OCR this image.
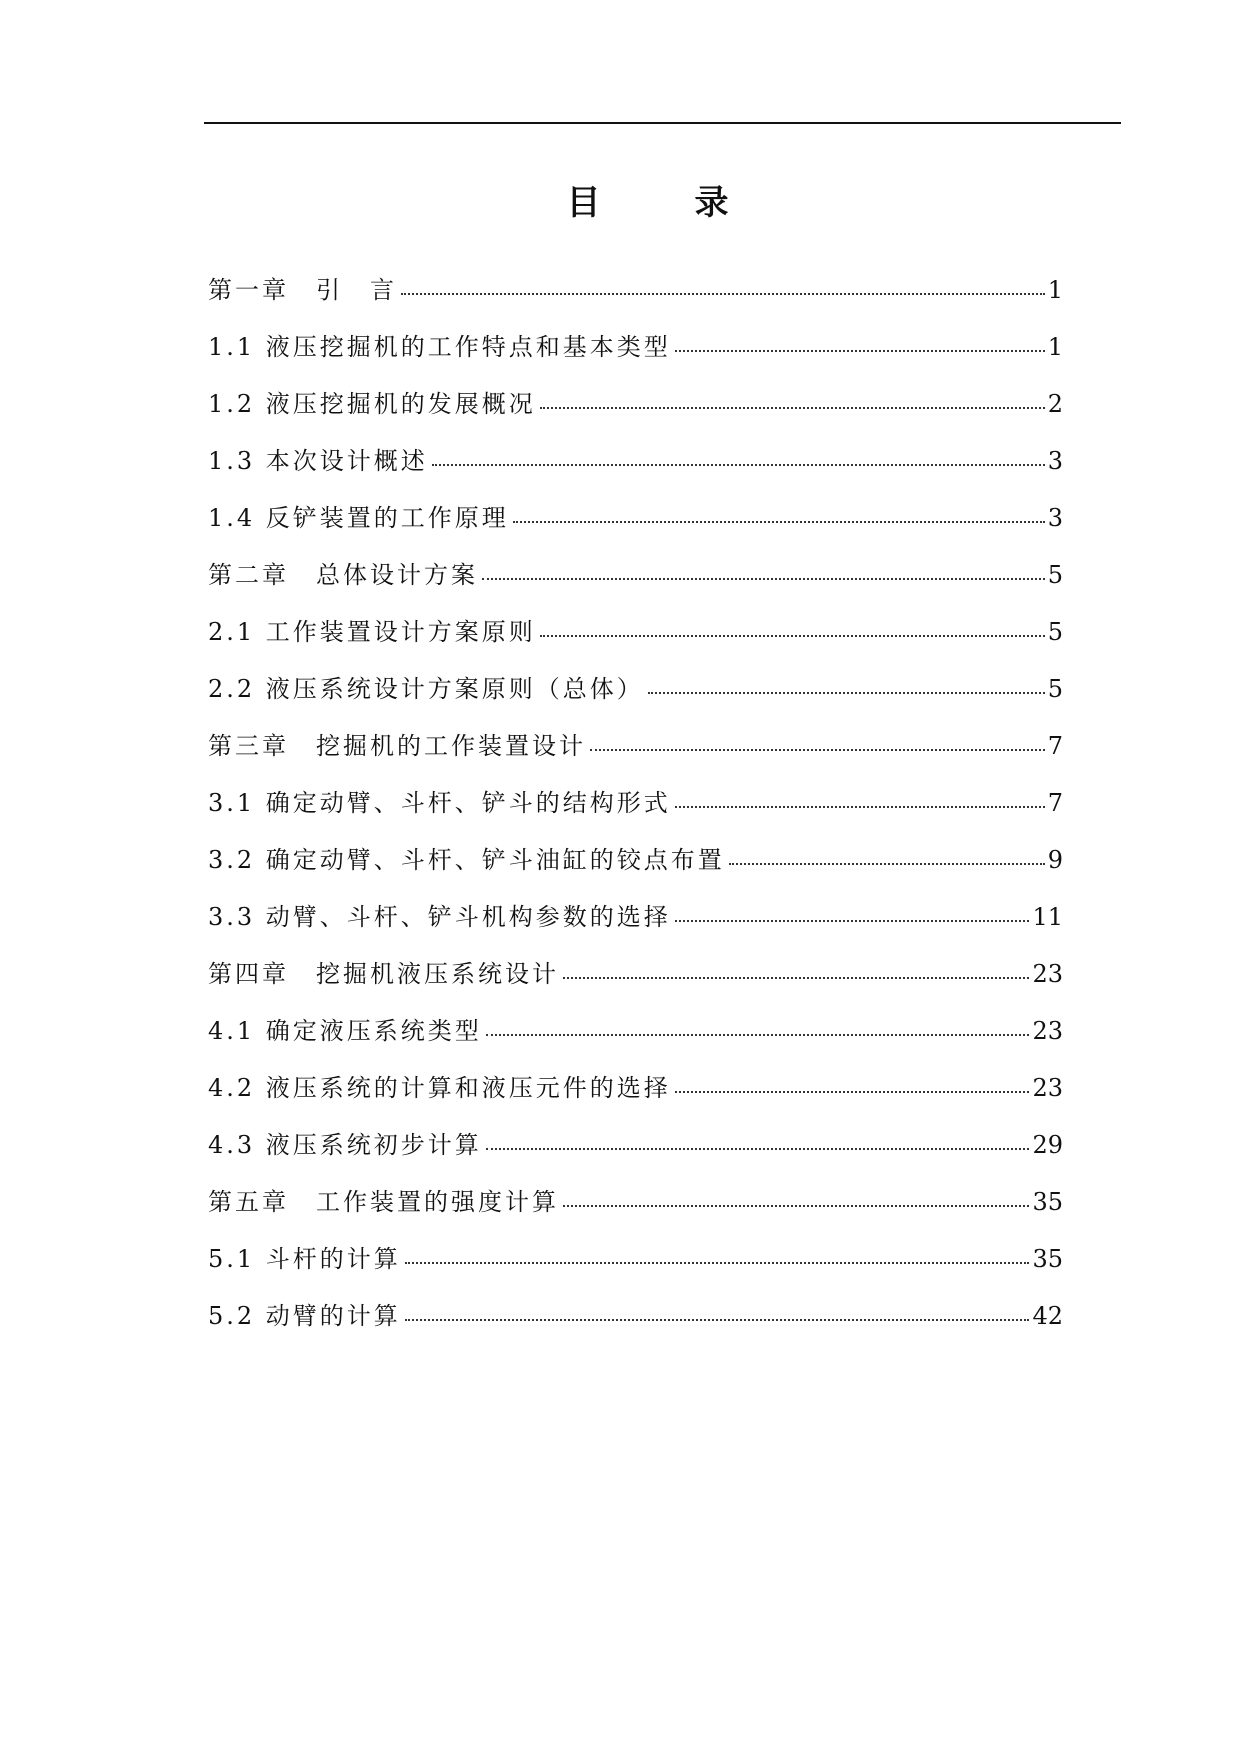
目　录
第一章　引　言	1
1.1 液压挖掘机的工作特点和基本类型	1
1.2 液压挖掘机的发展概况	2
1.3 本次设计概述	3
1.4 反铲装置的工作原理	3
第二章　总体设计方案	5
2.1 工作装置设计方案原则	5
2.2 液压系统设计方案原则（总体）	5
第三章　挖掘机的工作装置设计	7
3.1 确定动臂、斗杆、铲斗的结构形式	7
3.2 确定动臂、斗杆、铲斗油缸的铰点布置	9
3.3 动臂、斗杆、铲斗机构参数的选择	11
第四章　挖掘机液压系统设计	23
4.1 确定液压系统类型	23
4.2 液压系统的计算和液压元件的选择	23
4.3 液压系统初步计算	29
第五章　工作装置的强度计算	35
5.1 斗杆的计算	35
5.2 动臂的计算	42
